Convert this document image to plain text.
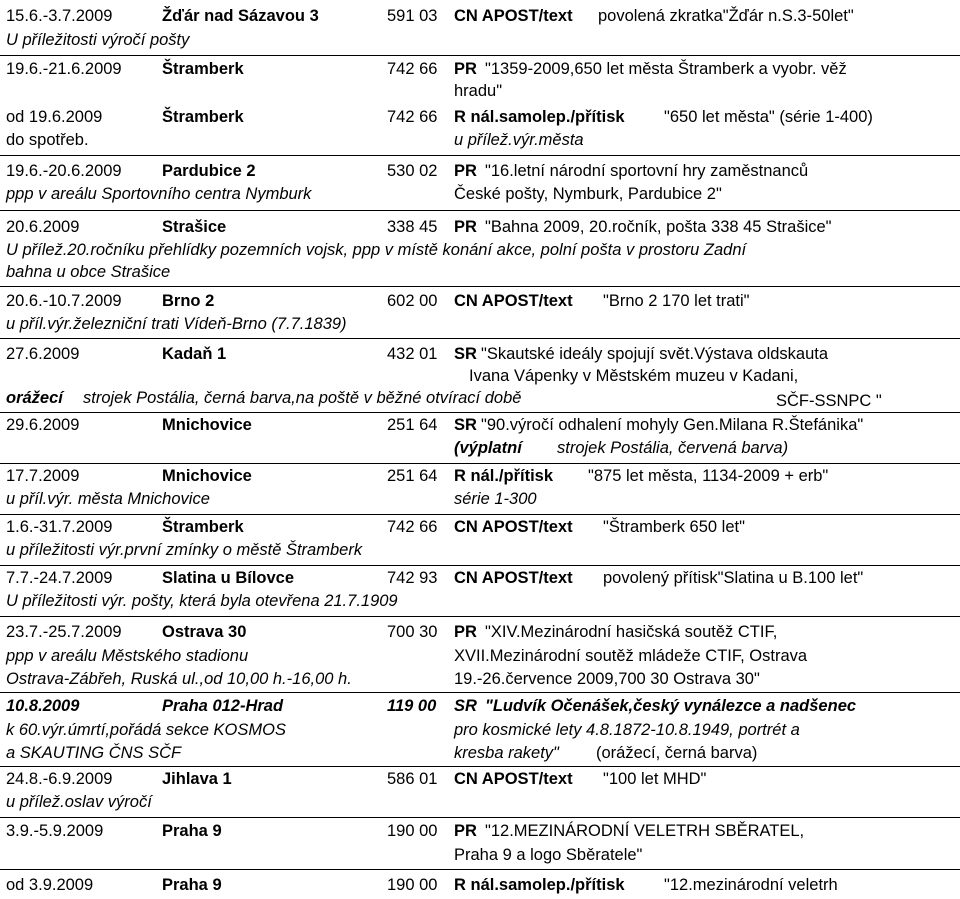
15.6.-3.7.2009	Žďár nad Sázavou 3	591 03 CN APOST/text povolená zkratka"Žďár n.S.3-50let"
U příležitosti výročí pošty
19.6.-21.6.2009 Štramberk	742 66 PR "1359-2009,650 let města Štramberk a vyobr. věž
hradu"
od 19.6.2009	Štramberk	742 66 R nál.samolep./přítisk "650 let města" (série 1-400)
do spotřeb.	u přílež.výr.města
19.6.-20.6.2009 Pardubice 2	530 02 PR "16.letní národní sportovní hry zaměstnanců
ppp v areálu Sportovního centra Nymburk	České pošty, Nymburk, Pardubice 2"
20.6.2009	Strašice	338 45 PR "Bahna 2009, 20.ročník, pošta 338 45 Strašice"
U přílež.20.ročníku přehlídky pozemních vojsk, ppp v místě konání akce, polní pošta v prostoru Zadní
bahna u obce Strašice
20.6.-10.7.2009 Brno 2	602 00 CN APOST/text "Brno 2 170 let trati"
u příl.výr.železniční trati Vídeň-Brno (7.7.1839)
27.6.2009	Kadaň 1	432 01 SR "Skautské ideály spojují svět.Výstava oldskauta
Ivana Vápenky v Městském muzeu v Kadani,
orážecí strojek Postália, černá barva,na poště v běžné otvírací době	SČF-SSNPC "
29.6.2009	Mnichovice	251 64 SR "90.výročí odhalení mohyly Gen.Milana R.Štefánika"
(výplatní strojek Postália, červená barva)
17.7.2009	Mnichovice	251 64 R nál./přítisk "875 let města, 1134-2009 + erb"
u příl.výr. města Mnichovice	série 1-300
1.6.-31.7.2009	Štramberk	742 66 CN APOST/text "Štramberk 650 let"
u příležitosti výr.první zmínky o městě Štramberk
7.7.-24.7.2009	Slatina u Bílovce	742 93 CN APOST/text povolený přítisk"Slatina u B.100 let"
U příležitosti výr. pošty, která byla otevřena 21.7.1909
23.7.-25.7.2009 Ostrava 30	700 30 PR "XIV.Mezinárodní hasičská soutěž CTIF,
ppp v areálu Městského stadionu	XVII.Mezinárodní soutěž mládeže CTIF, Ostrava
Ostrava-Zábřeh, Ruská ul.,od 10,00 h.-16,00 h.	19.-26.července 2009,700 30 Ostrava 30"
10.8.2009	Praha 012-Hrad	119 00 SR "Ludvík Očenášek,český vynálezce a nadšenec
k 60.výr.úmrtí,pořádá sekce KOSMOS	pro kosmické lety 4.8.1872-10.8.1949, portrét a
a SKAUTING ČNS SČF	kresba rakety" (orážecí, černá barva)
24.8.-6.9.2009	Jihlava 1	586 01 CN APOST/text "100 let MHD"
u přílež.oslav výročí
3.9.-5.9.2009	Praha 9	190 00 PR "12.MEZINÁRODNÍ VELETRH SBĚRATEL,
Praha 9 a logo Sběratele"
od 3.9.2009	Praha 9	190 00 R nál.samolep./přítisk "12.mezinárodní veletrh
